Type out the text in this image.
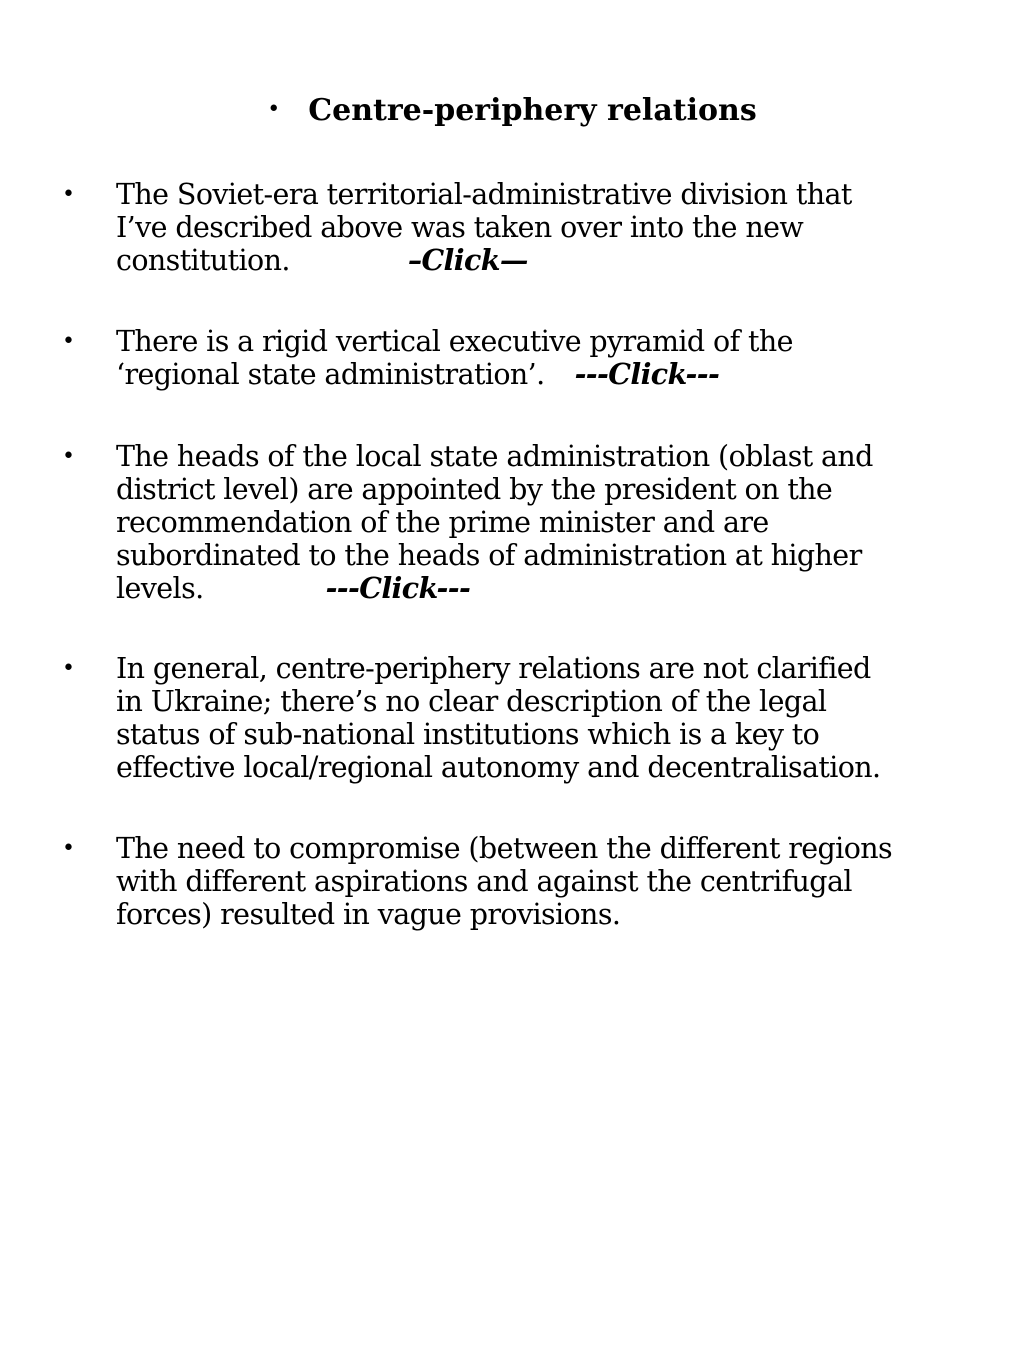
• Centre-periphery relations
• The Soviet-era territorial-administrative division that
I’ve described above was taken over into the new
constitution.	–Click—
• There is a rigid vertical executive pyramid of the
‘regional state administration’. ---Click---
• The heads of the local state administration (oblast and
district level) are appointed by the president on the
recommendation of the prime minister and are
subordinated to the heads of administration at higher
levels.	---Click---
• In general, centre-periphery relations are not clarified
in Ukraine; there’s no clear description of the legal
status of sub-national institutions which is a key to
effective local/regional autonomy and decentralisation.
• The need to compromise (between the different regions
with different aspirations and against the centrifugal
forces) resulted in vague provisions.
